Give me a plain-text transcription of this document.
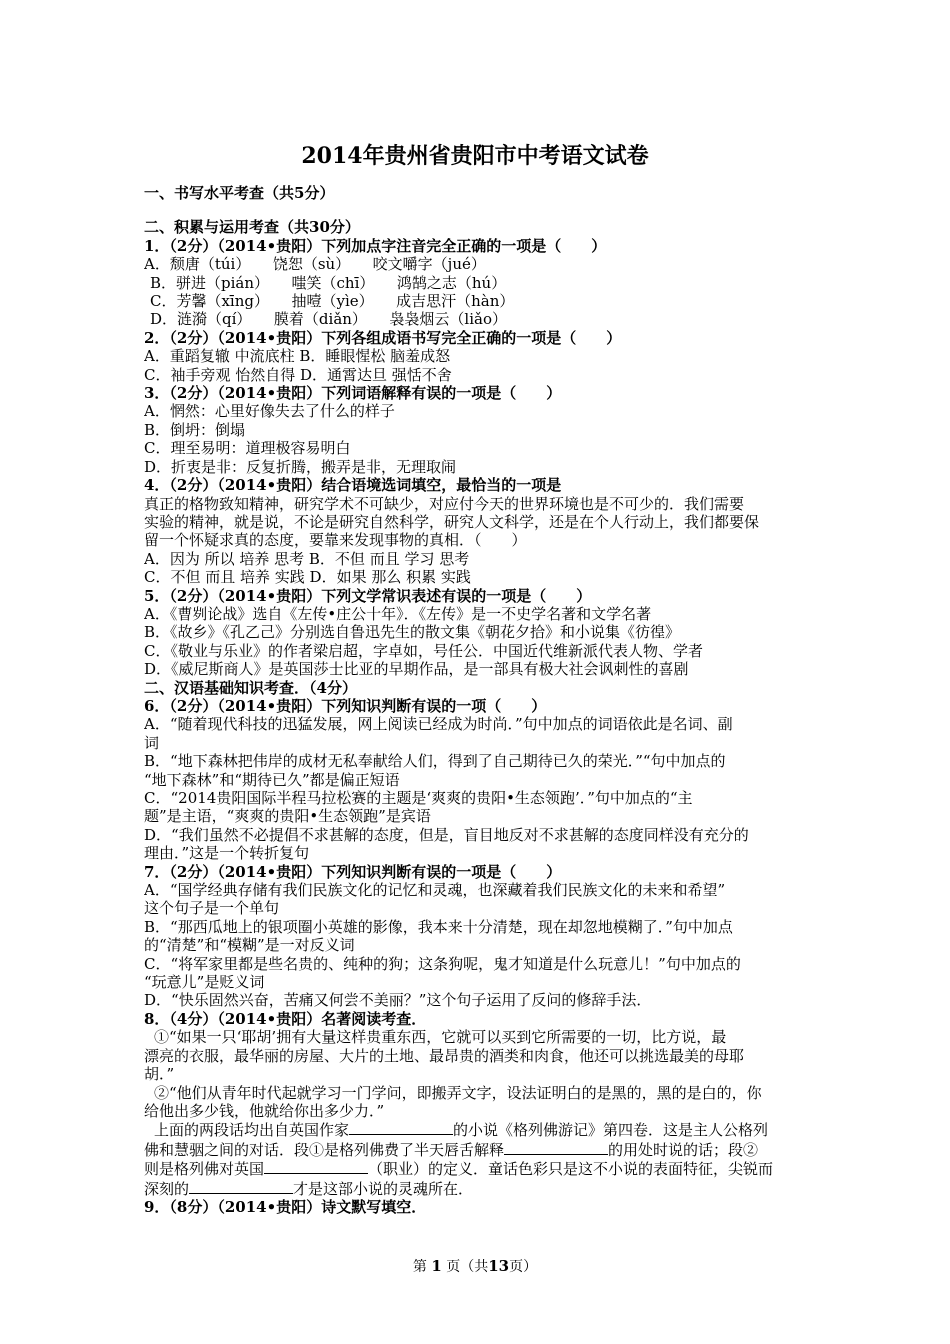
2014年贵州省贵阳市中考语文试卷

一、书写水平考查（共5分）

二、积累与运用考查（共30分）

1．（2分）（2014•贵阳）下列加点字注音完全正确的一项是（　　）

A．颓唐（túi）　　饶恕（sù）　　咬文嚼字（jué）

B．骈进（pián）　　嗤笑（chī）　　鸿鹄之志（hú）

C．芳馨（xīng）　　抽噎（yìe）　　成吉思汗（hàn）

D．涟漪（qí）　　膜着（diǎn）　　袅袅烟云（liǎo）

2．（2分）（2014•贵阳）下列各组成语书写完全正确的一项是（　　）

A．重蹈复辙 中流底柱 B．睡眼惺松 脑羞成怒

C．袖手旁观 怡然自得 D．通霄达旦 强恬不舍

3．（2分）（2014•贵阳）下列词语解释有误的一项是（　　）

A．惘然：心里好像失去了什么的样子

B．倒坍：倒塌

C．理至易明：道理极容易明白

D．折衷是非：反复折腾，搬弄是非，无理取闹

4．（2分）（2014•贵阳）结合语境选词填空，最恰当的一项是

真正的格物致知精神，研究学术不可缺少，对应付今天的世界环境也是不可少的．我们需要

实验的精神，就是说，不论是研究自然科学，研究人文科学，还是在个人行动上，我们都要保

留一个怀疑求真的态度，要靠来发现事物的真相．（　　）

A．因为 所以 培养 思考 B．不但 而且 学习 思考

C．不但 而且 培养 实践 D．如果 那么 积累 实践

5．（2分）（2014•贵阳）下列文学常识表述有误的一项是（　　）

A．《曹刿论战》选自《左传•庄公十年》．《左传》是一不史学名著和文学名著

B．《故乡》《孔乙己》分别选自鲁迅先生的散文集《朝花夕拾》和小说集《彷徨》

C．《敬业与乐业》的作者梁启超，字卓如，号任公．中国近代维新派代表人物、学者

D．《威尼斯商人》是英国莎士比亚的早期作品，是一部具有极大社会讽刺性的喜剧

二、汉语基础知识考查．（4分）

6．（2分）（2014•贵阳）下列知识判断有误的一项（　　）

A．“随着现代科技的迅猛发展，网上阅读已经成为时尚．”句中加点的词语依此是名词、副

词

B．“地下森林把伟岸的成材无私奉献给人们，得到了自己期待已久的荣光．”“句中加点的

“地下森林”和“期待已久”都是偏正短语

C．“2014贵阳国际半程马拉松赛的主题是‘爽爽的贵阳•生态领跑’．”句中加点的“主

题”是主语，“爽爽的贵阳•生态领跑”是宾语

D．“我们虽然不必提倡不求甚解的态度，但是，盲目地反对不求甚解的态度同样没有充分的

理由．”这是一个转折复句

7．（2分）（2014•贵阳）下列知识判断有误的一项是（　　）

A．“国学经典存储有我们民族文化的记忆和灵魂，也深藏着我们民族文化的未来和希望”

这个句子是一个单句

B．“那西瓜地上的银项圈小英雄的影像，我本来十分清楚，现在却忽地模糊了．”句中加点

的“清楚”和“模糊”是一对反义词

C．“将军家里都是些名贵的、纯种的狗；这条狗呢，鬼才知道是什么玩意儿！”句中加点的

“玩意儿”是贬义词

D．“快乐固然兴奋，苦痛又何尝不美丽？”这个句子运用了反问的修辞手法．

8．（4分）（2014•贵阳）名著阅读考查．

①“如果一只‘耶胡’拥有大量这样贵重东西，它就可以买到它所需要的一切，比方说，最

漂亮的衣服，最华丽的房屋、大片的土地、最昂贵的酒类和肉食，他还可以挑选最美的母耶

胡．”

②“他们从青年时代起就学习一门学问，即搬弄文字，设法证明白的是黑的，黑的是白的，你

给他出多少钱，他就给你出多少力．”

上面的两段话均出自英国作家	的小说《格列佛游记》第四卷．这是主人公格列

佛和慧骃之间的对话．段①是格列佛费了半天唇舌解释	的用处时说的话；段②

则是格列佛对英国	（职业）的定义．童话色彩只是这不小说的表面特征，尖锐而

深刻的	才是这部小说的灵魂所在．

9．（8分）（2014•贵阳）诗文默写填空．

第 1 页（共13页）
